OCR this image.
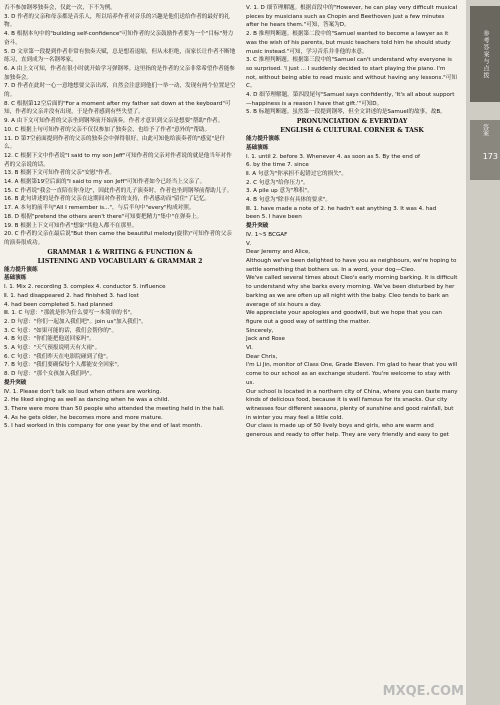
否不参加钢琴独奏会，仅此一次，下不为例。

3. D 作者的父亲和母亲都是音乐人，所以培养作者对音乐的兴趣是他们送给作者的最好的礼物。

4. B 根据本句中的"building self-confidence"可知作者的父亲鼓励作者要为一个"目标"努力奋斗。

5. D 文章第一段提到作者非常有独奏天赋，总是想着退缩，但从未拒绝，而家长让作者不断地练习，直到成为一名钢琴家。

6. A 由上文可知，作者在很小时就开始学习弹钢琴。这里指的是作者的父亲非常希望作者能参加独奏会。

7. D 作者在此时一心一意地想要父亲出席，自然会注意到他们一举一动，发现有两个位置是空的。

8. C 根据第12空后面的"For a moment after my father sat down at the keyboard"可知，作者的父亲并没有出现，于是作者感到有些失望了。

9. A 由下文可知作者的父亲坐到钢琴前开始演奏，作者才意识到父亲是想要"帮助"作者。

10. C 根据上句可知作者的父亲不仅仅参加了独奏会，也给予了作者"意外的"帮助。

11. D 第7空前面提到作者的父亲的独奏会中弹得很好，由此可知他给演奏者的"感觉"是什么。

12. C 根据下文中作者说"I said to my son Jeff"可知作者的父亲对作者说的就是他当年对作者的父亲说的话。

13. B 根据下文可知作者的父亲"安慰"作者。

14. A 根据第19空后面的"I said to my son Jeff"可知作者如今已经当上父亲了。

15. C 作者说"我会一直陪在你身边"，因此作者的儿子演奏时，作者也坐到钢琴前帮助儿子。

16. B 此句讲述的是作者的父亲在这期间对作者的支持，作者感动而"留住"了记忆。

17. A 本句的前半句"All I remember is..."，与后半句中"every"构成对照。

18. D 根据"pretend the others aren't there"可知要把精力"集中"在弹奏上。

19. B 根据上下文可知作者"想象"其他人都不在那里。

20. C 作者的父亲在最后说"But then came the beautiful melody(旋律)"可知作者的父亲的演奏很成功。

GRAMMAR 1 & WRITING & FUNCTION &

LISTENING AND VOCABULARY & GRAMMAR 2

能力提升演练

基础演练

Ⅰ. 1. Mix 2. recording 3. complex 4. conductor 5. influence

Ⅱ. 1. had disappeared 2. had finished 3. had lost

4. had been completed 5. had planned

Ⅲ. 1. C 句意："那就是你为什么要写一本简单的书"。

2. D 句意："你们一起加入我们吧"。join us"加入我们"。

3. C 句意："如果可能的话，我们会帮你的"。

4. B 句意："你们能把他送回家吗"。

5. A 句意："天气预报说明天有大雨"。

6. C 句意："我们昨天在电影院碰到了他"。

7. B 句意："我们要确保每个人都能安全回家"。

8. D 句意："那个女孩加入我们吗"。

提升突破

Ⅳ. 1. Please don't talk so loud when others are working.

2. He liked singing as well as dancing when he was a child.

3. There were more than 50 people who attended the meeting held in the hall.

4. As he gets older, he becomes more and more mature.

5. I had worked in this company for one year by the end of last month.

Ⅴ. 1. D 细节理解题。根据首段中的"However, he can play very difficult musical pieces by musicians such as Chopin and Beethoven just a few minutes after he hears them."可知，答案为D。

2. B 推理判断题。根据第二段中的"Samuel wanted to become a lawyer as it was the wish of his parents, but music teachers told him he should study music instead."可知，学习音乐并非他的本意。

3. C 推理判断题。根据第三段中的"Samuel can't understand why everyone is so surprised. 'I just ... I suddenly decided to start playing the piano. I'm not, without being able to read music and without having any lessons."可知C。

4. D 细节理解题。第四段尾句"Samuel says confidently, 'It's all about support—happiness is a reason I have that gift.'"可知D。

5. B 标题判断题。虽然第一段提到钢琴，但全文讲述的是Samuel的故事，故B。

PRONUNCIATION & EVERYDAY

ENGLISH & CULTURAL CORNER & TASK

能力提升演练

基础演练

Ⅰ. 1. until 2. before 3. Whenever 4. as soon as 5. By the end of

6. by the time 7. since

Ⅱ. A 句意为"你承担不起错过它的损失"。

2. C 句意为"给你压力"。

3. A pile up 意为"堆积"。

4. B 句意为"除非有具体的要求"。

Ⅲ. 1. have made a note of 2. he hadn't eat anything 3. It was 4. had

been 5. I have been

提升突破

Ⅳ. 1~5 BCGAF

Ⅴ.

Dear Jeremy and Alice,

Although we've been delighted to have you as neighbours, we're hoping to settle something that bothers us. In a word, your dog—Cleo.

We've called several times about Cleo's early morning barking. It is difficult to understand why she barks every morning. We've been disturbed by her barking as we are often up all night with the baby. Cleo tends to bark an average of six hours a day.

We appreciate your apologies and goodwill, but we hope that you can figure out a good way of settling the matter.

Sincerely,

Jack and Rose

Ⅵ.

Dear Chris,

I'm Li Jin, monitor of Class One, Grade Eleven. I'm glad to hear that you will come to our school as an exchange student. You're welcome to stay with us.

Our school is located in a northern city of China, where you can taste many kinds of delicious food, because it is well famous for its snacks. Our city witnesses four different seasons, plenty of sunshine and good rainfall, but in winter you may feel a little cold.

Our class is made up of 50 lively boys and girls, who are warm and generous and ready to offer help. They are very friendly and easy to get

参考答案与点拨
答案
173
MXQE.COM
